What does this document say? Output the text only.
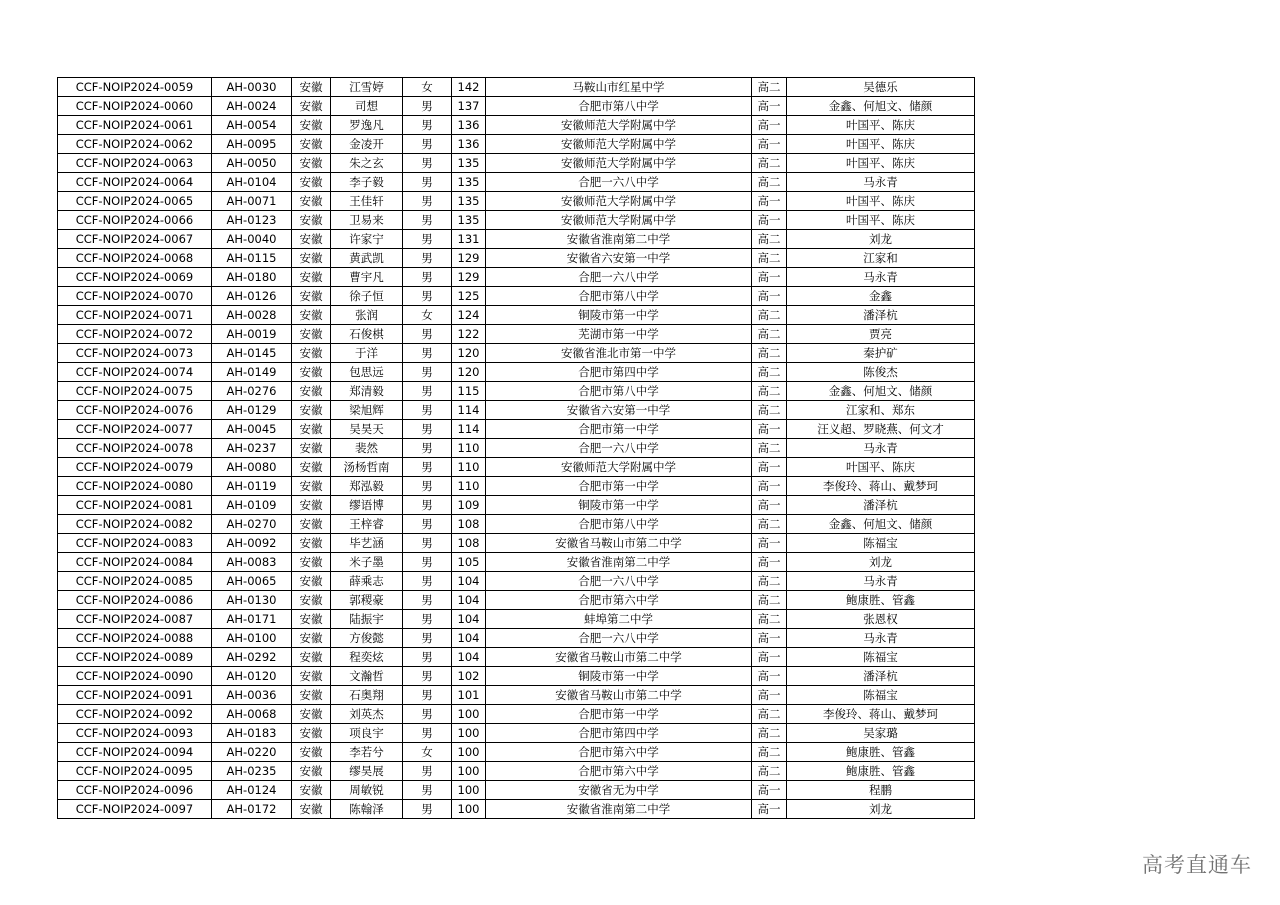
CCF-NOIP2024-0059	AH-0030	安徽	江雪婷	女	142	马鞍山市红星中学	高二	吴德乐
CCF-NOIP2024-0060	AH-0024	安徽	司想	男	137	合肥市第八中学	高一	金鑫、何旭文、储颜
CCF-NOIP2024-0061	AH-0054	安徽	罗逸凡	男	136	安徽师范大学附属中学	高一	叶国平、陈庆
CCF-NOIP2024-0062	AH-0095	安徽	金凌开	男	136	安徽师范大学附属中学	高一	叶国平、陈庆
CCF-NOIP2024-0063	AH-0050	安徽	朱之玄	男	135	安徽师范大学附属中学	高二	叶国平、陈庆
CCF-NOIP2024-0064	AH-0104	安徽	李子毅	男	135	合肥一六八中学	高二	马永青
CCF-NOIP2024-0065	AH-0071	安徽	王佳轩	男	135	安徽师范大学附属中学	高一	叶国平、陈庆
CCF-NOIP2024-0066	AH-0123	安徽	卫易来	男	135	安徽师范大学附属中学	高一	叶国平、陈庆
CCF-NOIP2024-0067	AH-0040	安徽	许家宁	男	131	安徽省淮南第二中学	高二	刘龙
CCF-NOIP2024-0068	AH-0115	安徽	黄武凯	男	129	安徽省六安第一中学	高二	江家和
CCF-NOIP2024-0069	AH-0180	安徽	曹宇凡	男	129	合肥一六八中学	高一	马永青
CCF-NOIP2024-0070	AH-0126	安徽	徐子恒	男	125	合肥市第八中学	高一	金鑫
CCF-NOIP2024-0071	AH-0028	安徽	张润	女	124	铜陵市第一中学	高二	潘泽杭
CCF-NOIP2024-0072	AH-0019	安徽	石俊棋	男	122	芜湖市第一中学	高二	贾亮
CCF-NOIP2024-0073	AH-0145	安徽	于洋	男	120	安徽省淮北市第一中学	高二	秦护矿
CCF-NOIP2024-0074	AH-0149	安徽	包思远	男	120	合肥市第四中学	高二	陈俊杰
CCF-NOIP2024-0075	AH-0276	安徽	郑清毅	男	115	合肥市第八中学	高二	金鑫、何旭文、储颜
CCF-NOIP2024-0076	AH-0129	安徽	梁旭辉	男	114	安徽省六安第一中学	高二	江家和、郑东
CCF-NOIP2024-0077	AH-0045	安徽	吴昊天	男	114	合肥市第一中学	高一	汪义超、罗晓燕、何文才
CCF-NOIP2024-0078	AH-0237	安徽	裴然	男	110	合肥一六八中学	高二	马永青
CCF-NOIP2024-0079	AH-0080	安徽	汤杨哲南	男	110	安徽师范大学附属中学	高一	叶国平、陈庆
CCF-NOIP2024-0080	AH-0119	安徽	郑泓毅	男	110	合肥市第一中学	高一	李俊玲、蒋山、戴梦珂
CCF-NOIP2024-0081	AH-0109	安徽	缪语博	男	109	铜陵市第一中学	高一	潘泽杭
CCF-NOIP2024-0082	AH-0270	安徽	王梓睿	男	108	合肥市第八中学	高二	金鑫、何旭文、储颜
CCF-NOIP2024-0083	AH-0092	安徽	毕艺涵	男	108	安徽省马鞍山市第二中学	高一	陈福宝
CCF-NOIP2024-0084	AH-0083	安徽	米子墨	男	105	安徽省淮南第二中学	高一	刘龙
CCF-NOIP2024-0085	AH-0065	安徽	薛乘志	男	104	合肥一六八中学	高二	马永青
CCF-NOIP2024-0086	AH-0130	安徽	郭稷豪	男	104	合肥市第六中学	高二	鲍康胜、管鑫
CCF-NOIP2024-0087	AH-0171	安徽	陆振宇	男	104	蚌埠第二中学	高二	张恩权
CCF-NOIP2024-0088	AH-0100	安徽	方俊懿	男	104	合肥一六八中学	高一	马永青
CCF-NOIP2024-0089	AH-0292	安徽	程奕炫	男	104	安徽省马鞍山市第二中学	高一	陈福宝
CCF-NOIP2024-0090	AH-0120	安徽	文瀚哲	男	102	铜陵市第一中学	高一	潘泽杭
CCF-NOIP2024-0091	AH-0036	安徽	石奥翔	男	101	安徽省马鞍山市第二中学	高一	陈福宝
CCF-NOIP2024-0092	AH-0068	安徽	刘英杰	男	100	合肥市第一中学	高二	李俊玲、蒋山、戴梦珂
CCF-NOIP2024-0093	AH-0183	安徽	项良宇	男	100	合肥市第四中学	高二	吴家璐
CCF-NOIP2024-0094	AH-0220	安徽	李若兮	女	100	合肥市第六中学	高二	鲍康胜、管鑫
CCF-NOIP2024-0095	AH-0235	安徽	缪昊展	男	100	合肥市第六中学	高二	鲍康胜、管鑫
CCF-NOIP2024-0096	AH-0124	安徽	周敏锐	男	100	安徽省无为中学	高一	程鹏
CCF-NOIP2024-0097	AH-0172	安徽	陈翰泽	男	100	安徽省淮南第二中学	高一	刘龙
高考直通车
